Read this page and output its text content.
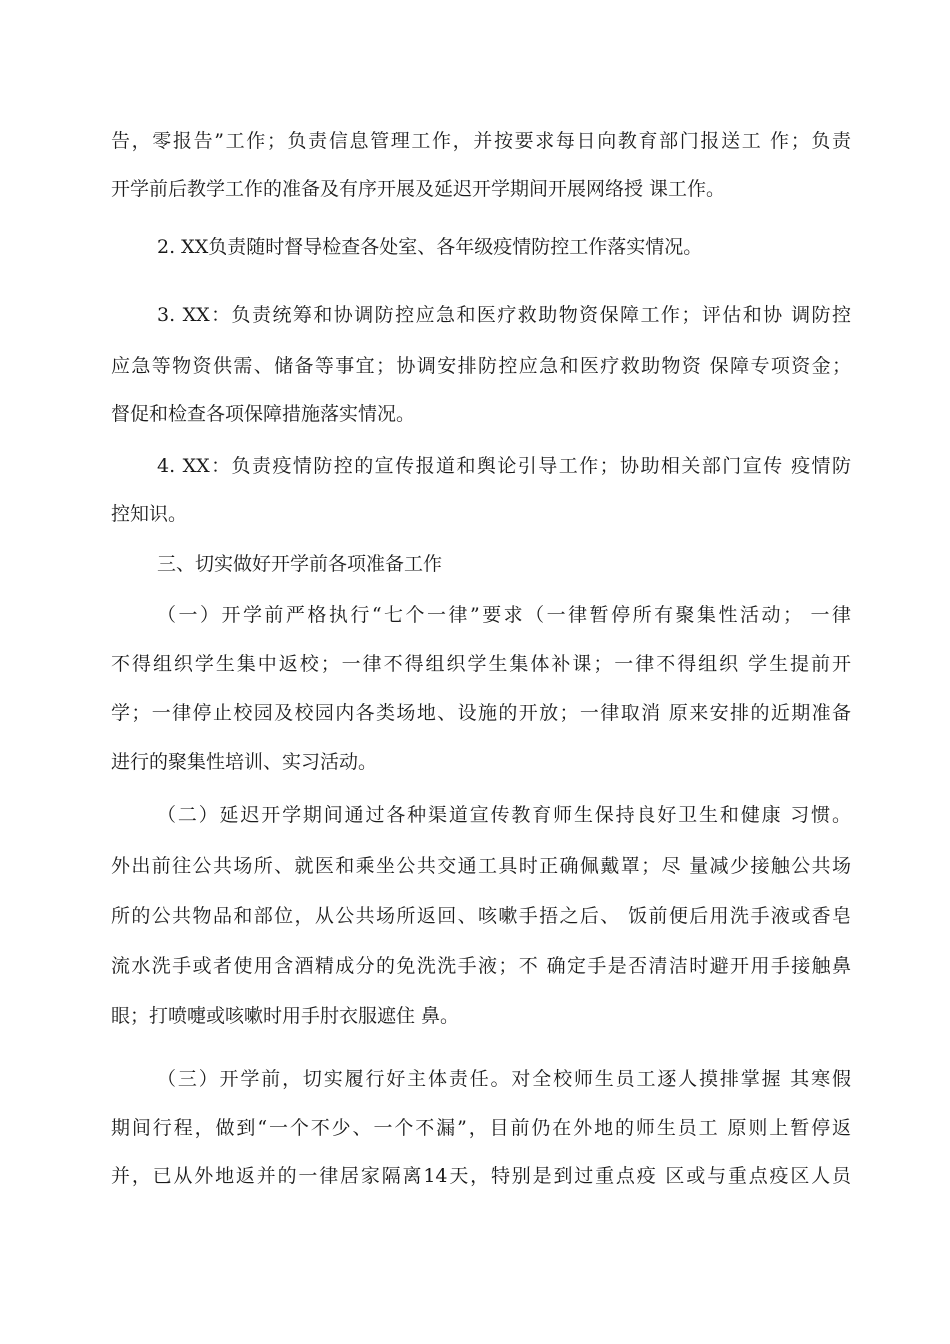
告，零报告”工作；负责信息管理工作，并按要求每日向教育部门报送工 作；负责
开学前后教学工作的准备及有序开展及延迟开学期间开展网络授 课工作。
2. XX负责随时督导检查各处室、各年级疫情防控工作落实情况。
3. XX：负责统筹和协调防控应急和医疗救助物资保障工作；评估和协 调防控
应急等物资供需、储备等事宜；协调安排防控应急和医疗救助物资 保障专项资金；
督促和检查各项保障措施落实情况。
4. XX：负责疫情防控的宣传报道和舆论引导工作；协助相关部门宣传 疫情防
控知识。
三、切实做好开学前各项准备工作
（一）开学前严格执行“七个一律”要求（一律暂停所有聚集性活动； 一律
不得组织学生集中返校；一律不得组织学生集体补课；一律不得组织 学生提前开
学；一律停止校园及校园内各类场地、设施的开放；一律取消 原来安排的近期准备
进行的聚集性培训、实习活动。
（二）延迟开学期间通过各种渠道宣传教育师生保持良好卫生和健康 习惯。
外出前往公共场所、就医和乘坐公共交通工具时正确佩戴罩；尽 量减少接触公共场
所的公共物品和部位，从公共场所返回、咳嗽手捂之后、 饭前便后用洗手液或香皂
流水洗手或者使用含酒精成分的免洗洗手液；不 确定手是否清洁时避开用手接触鼻
眼；打喷嚏或咳嗽时用手肘衣服遮住 鼻。
（三）开学前，切实履行好主体责任。对全校师生员工逐人摸排掌握 其寒假
期间行程，做到“一个不少、一个不漏”，目前仍在外地的师生员工 原则上暂停返
并，已从外地返并的一律居家隔离14天，特别是到过重点疫 区或与重点疫区人员
